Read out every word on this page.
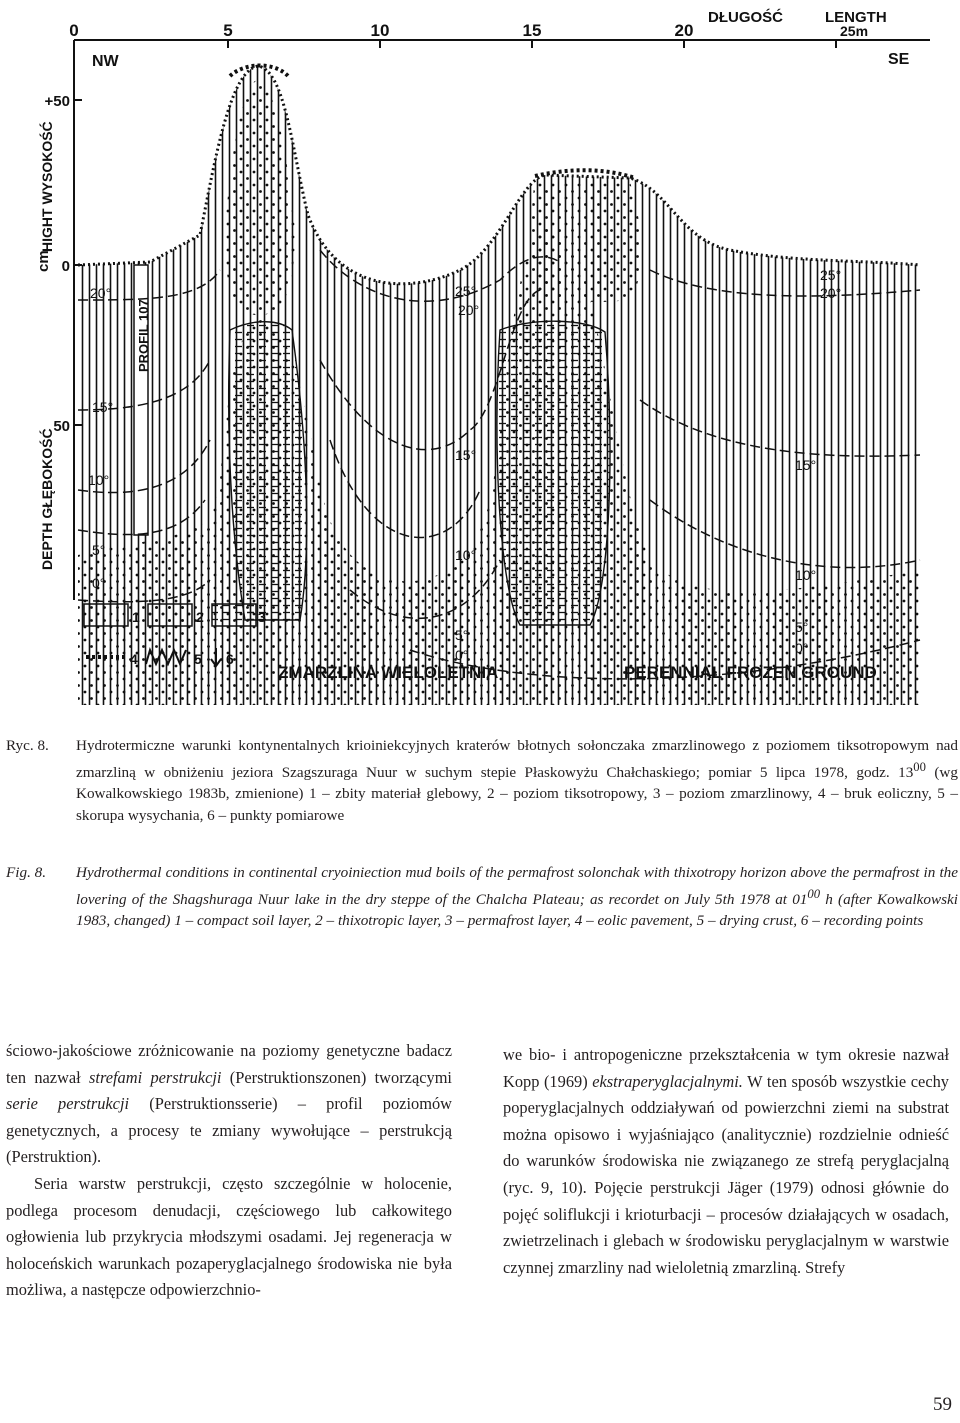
0	5	10	15	20
DŁUGOŚĆ	LENGTH
25m
NW	SE
+50
0
50
cm
HIGHT WYSOKOŚĆ
DEPTH GŁĘBOKOŚĆ
PROFIL 107
20°	25°
20°
25°
20°
15°
15°
15°
10°
10°
10°
5°
5°	5°
0°
0°	0°
1	2	3
4	5 6
ZMARZLINA WIELOLETNIA	PERENNIAL FROZEN GROUND
Ryc. 8. Hydrotermiczne warunki kontynentalnych krioiniekcyjnych kraterów błotnych sołonczaka zmarzlinowego z poziomem tiksotropowym nad zmarzliną w obniżeniu jeziora Szagszuraga Nuur w suchym stepie Płaskowyżu Chałchaskiego; pomiar 5 lipca 1978, godz. $13^{00}$ (wg Kowalkowskiego 1983b, zmienione) 1 – zbity materiał glebowy, 2 – poziom tiksotropowy, 3 – poziom zmarzlinowy, 4 – bruk eoliczny, 5 – skorupa wysychania, 6 – punkty pomiarowe
Fig. 8. Hydrothermal conditions in continental cryoiniection mud boils of the permafrost solonchak with thixotropy horizon above the permafrost in the lovering of the Shagshuraga Nuur lake in the dry steppe of the Chalcha Plateau; as recordet on July 5th 1978 at $01^{00}$ h (after Kowalkowski 1983, changed) 1 – compact soil layer, 2 – thixotropic layer, 3 – permafrost layer, 4 – eolic pavement, 5 – drying crust, 6 – recording points

ściowo-jakościowe zróżnicowanie na poziomy genetyczne badacz ten nazwał strefami perstrukcji (Perstruktionszonen) tworzącymi serie perstrukcji (Perstruktionsserie) – profil poziomów genetycznych, a procesy te zmiany wywołujące – perstrukcją (Perstruktion).

Seria warstw perstrukcji, często szczególnie w holocenie, podlega procesom denudacji, częściowego lub całkowitego ogłowienia lub przykrycia młodszymi osadami. Jej regeneracja w holoceńskich warunkach pozaperyglacjalnego środowiska nie była możliwa, a następcze odpowierzchnio-

we bio- i antropogeniczne przekształcenia w tym okresie nazwał Kopp (1969) ekstraperyglacjalnymi. W ten sposób wszystkie cechy poperyglacjalnych oddziaływań od powierzchni ziemi na substrat można opisowo i wyjaśniająco (analitycznie) rozdzielnie odnieść do warunków środowiska nie związanego ze strefą peryglacjalną (ryc. 9, 10). Pojęcie perstrukcji Jäger (1979) odnosi głównie do pojęć soliflukcji i krioturbacji – procesów działających w osadach, zwietrzelinach i glebach w środowisku peryglacjalnym w warstwie czynnej zmarzliny nad wieloletnią zmarzliną. Strefy

59
